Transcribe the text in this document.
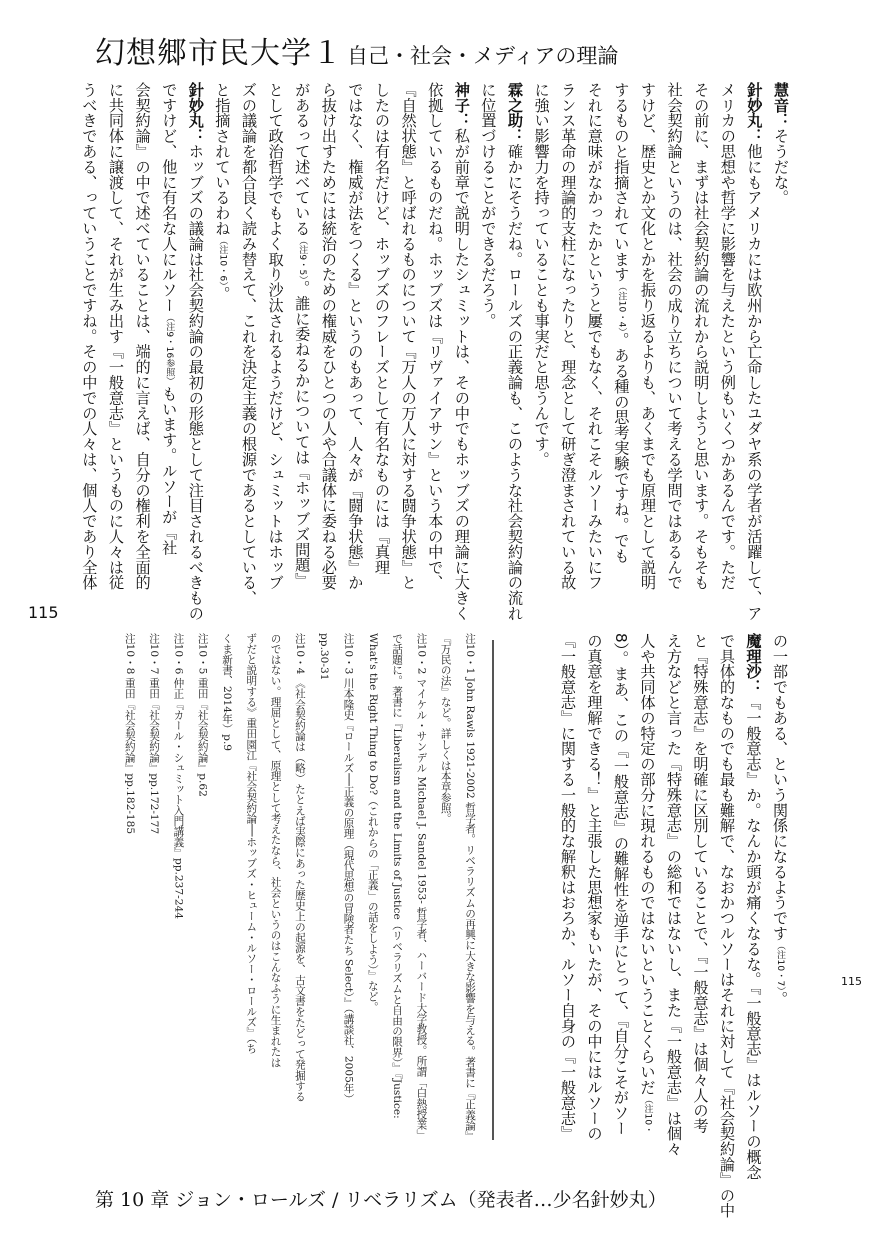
幻想郷市民大学１ 自己・社会・メディアの理論
慧音：そうだな。
針妙丸：他にもアメリカには欧州から亡命したユダヤ系の学者が活躍して、ア
メリカの思想や哲学に影響を与えたという例もいくつかあるんです。ただ
その前に、まずは社会契約論の流れから説明しようと思います。そもそも
社会契約論というのは、社会の成り立ちについて考える学問ではあるんで
すけど、歴史とか文化とかを振り返るよりも、あくまでも原理として説明
するものと指摘されています（注10・4）。ある種の思考実験ですね。でも
それに意味がなかったかというと屢でもなく、それこそルソーみたいにフ
ランス革命の理論的支柱になったりと、理念として研ぎ澄まされている故
に強い影響力を持っていることも事実だと思うんです。
霖之助：確かにそうだね。ロールズの正義論も、このような社会契約論の流れ
に位置づけることができるだろう。
神子：私が前章で説明したシュミットは、その中でもホッブズの理論に大きく
依拠しているものだね。ホッブズは『リヴァイアサン』という本の中で、
『自然状態』と呼ばれるものについて『万人の万人に対する闘争状態』と
したのは有名だけど、ホッブズのフレーズとして有名なものには『真理
ではなく、権威が法をつくる』というのもあって、人々が『闘争状態』か
ら抜け出すためには統治のための権威をひとつの人や合議体に委ねる必要
があるって述べている（注9・5）。誰に委ねるかについては『ホッブズ問題』
として政治哲学でもよく取り沙汰されるようだけど、シュミットはホッブ
ズの議論を都合良く読み替えて、これを決定主義の根源であるとしている、
と指摘されているわね（注10・6）。
針妙丸：ホッブズの議論は社会契約論の最初の形態として注目されるべきもの
ですけど、他に有名な人にルソー（注9・16参照）もいます。ルソーが『社
会契約論』の中で述べていることは、端的に言えば、自分の権利を全面的
に共同体に譲渡して、それが生み出す『一般意志』というものに人々は従
うべきである、っていうことですね。その中での人々は、個人であり全体
の一部でもある、という関係になるようです（注10・7）。
魔理沙：『一般意志』か。なんか頭が痛くなるな。『一般意志』はルソーの概念
で具体的なものでも最も難解で、なおかつルソーはそれに対して『社会契約論』の中
と『特殊意志』を明確に区別していることで、『一般意志』は個々人の考
え方などと言った『特殊意志』の総和ではないし、また『一般意志』は個々
人や共同体の特定の部分に現れるものではないということくらいだ（注10・
8）。まあ、この『一般意志』の難解性を逆手にとって、『自分こそがソー
の真意を理解できる！』と主張した思想家もいたが、その中にはルソーの
『一般意志』に関する一般的な解釈はおろか、ルソー自身の『一般意志』
注10・1 John Rawls 1921-2002 哲学者。リベラリズムの再興に大きな影響を与える。著書に『正義論』
『万民の法』など。詳しくは本章参照。
注10・2 マイケル・サンデル Michael J. Sandel 1953- 哲学者、ハーバード大学教授。所謂「白熱授業」
で話題に。著書に『Liberalism and the Limits of Justice（リベラリズムと自由の限界）』『Justice:
What's the Right Thing to Do?（これからの「正義」の話をしよう）』など。
注10・3 川本隆史『ロールズ──正義の原理（現代思想の冒険者たち Select）』（講談社、2005年）
pp.30-31
注10・4 《社会契約論は（略）たとえば実際にあった歴史上の起源を、古文書をたどって発掘する
のではない。理屈として、原理として考えたなら、社会というのはこんなふうに生まれたは
ずだと説明する》重田園江『社会契約論──ホッブズ・ヒューム・ルソー・ロールズ』（ち
くま新書、2014年）p.9
注10・5 重田『社会契約論』p.62
注10・6 仲正『カール・シュミット入門講義』pp.237-244
注10・7 重田『社会契約論』pp.172-177
注10・8 重田『社会契約論』pp.182-185
115
115
第 10 章 ジョン・ロールズ / リベラリズム（発表者…少名針妙丸）
